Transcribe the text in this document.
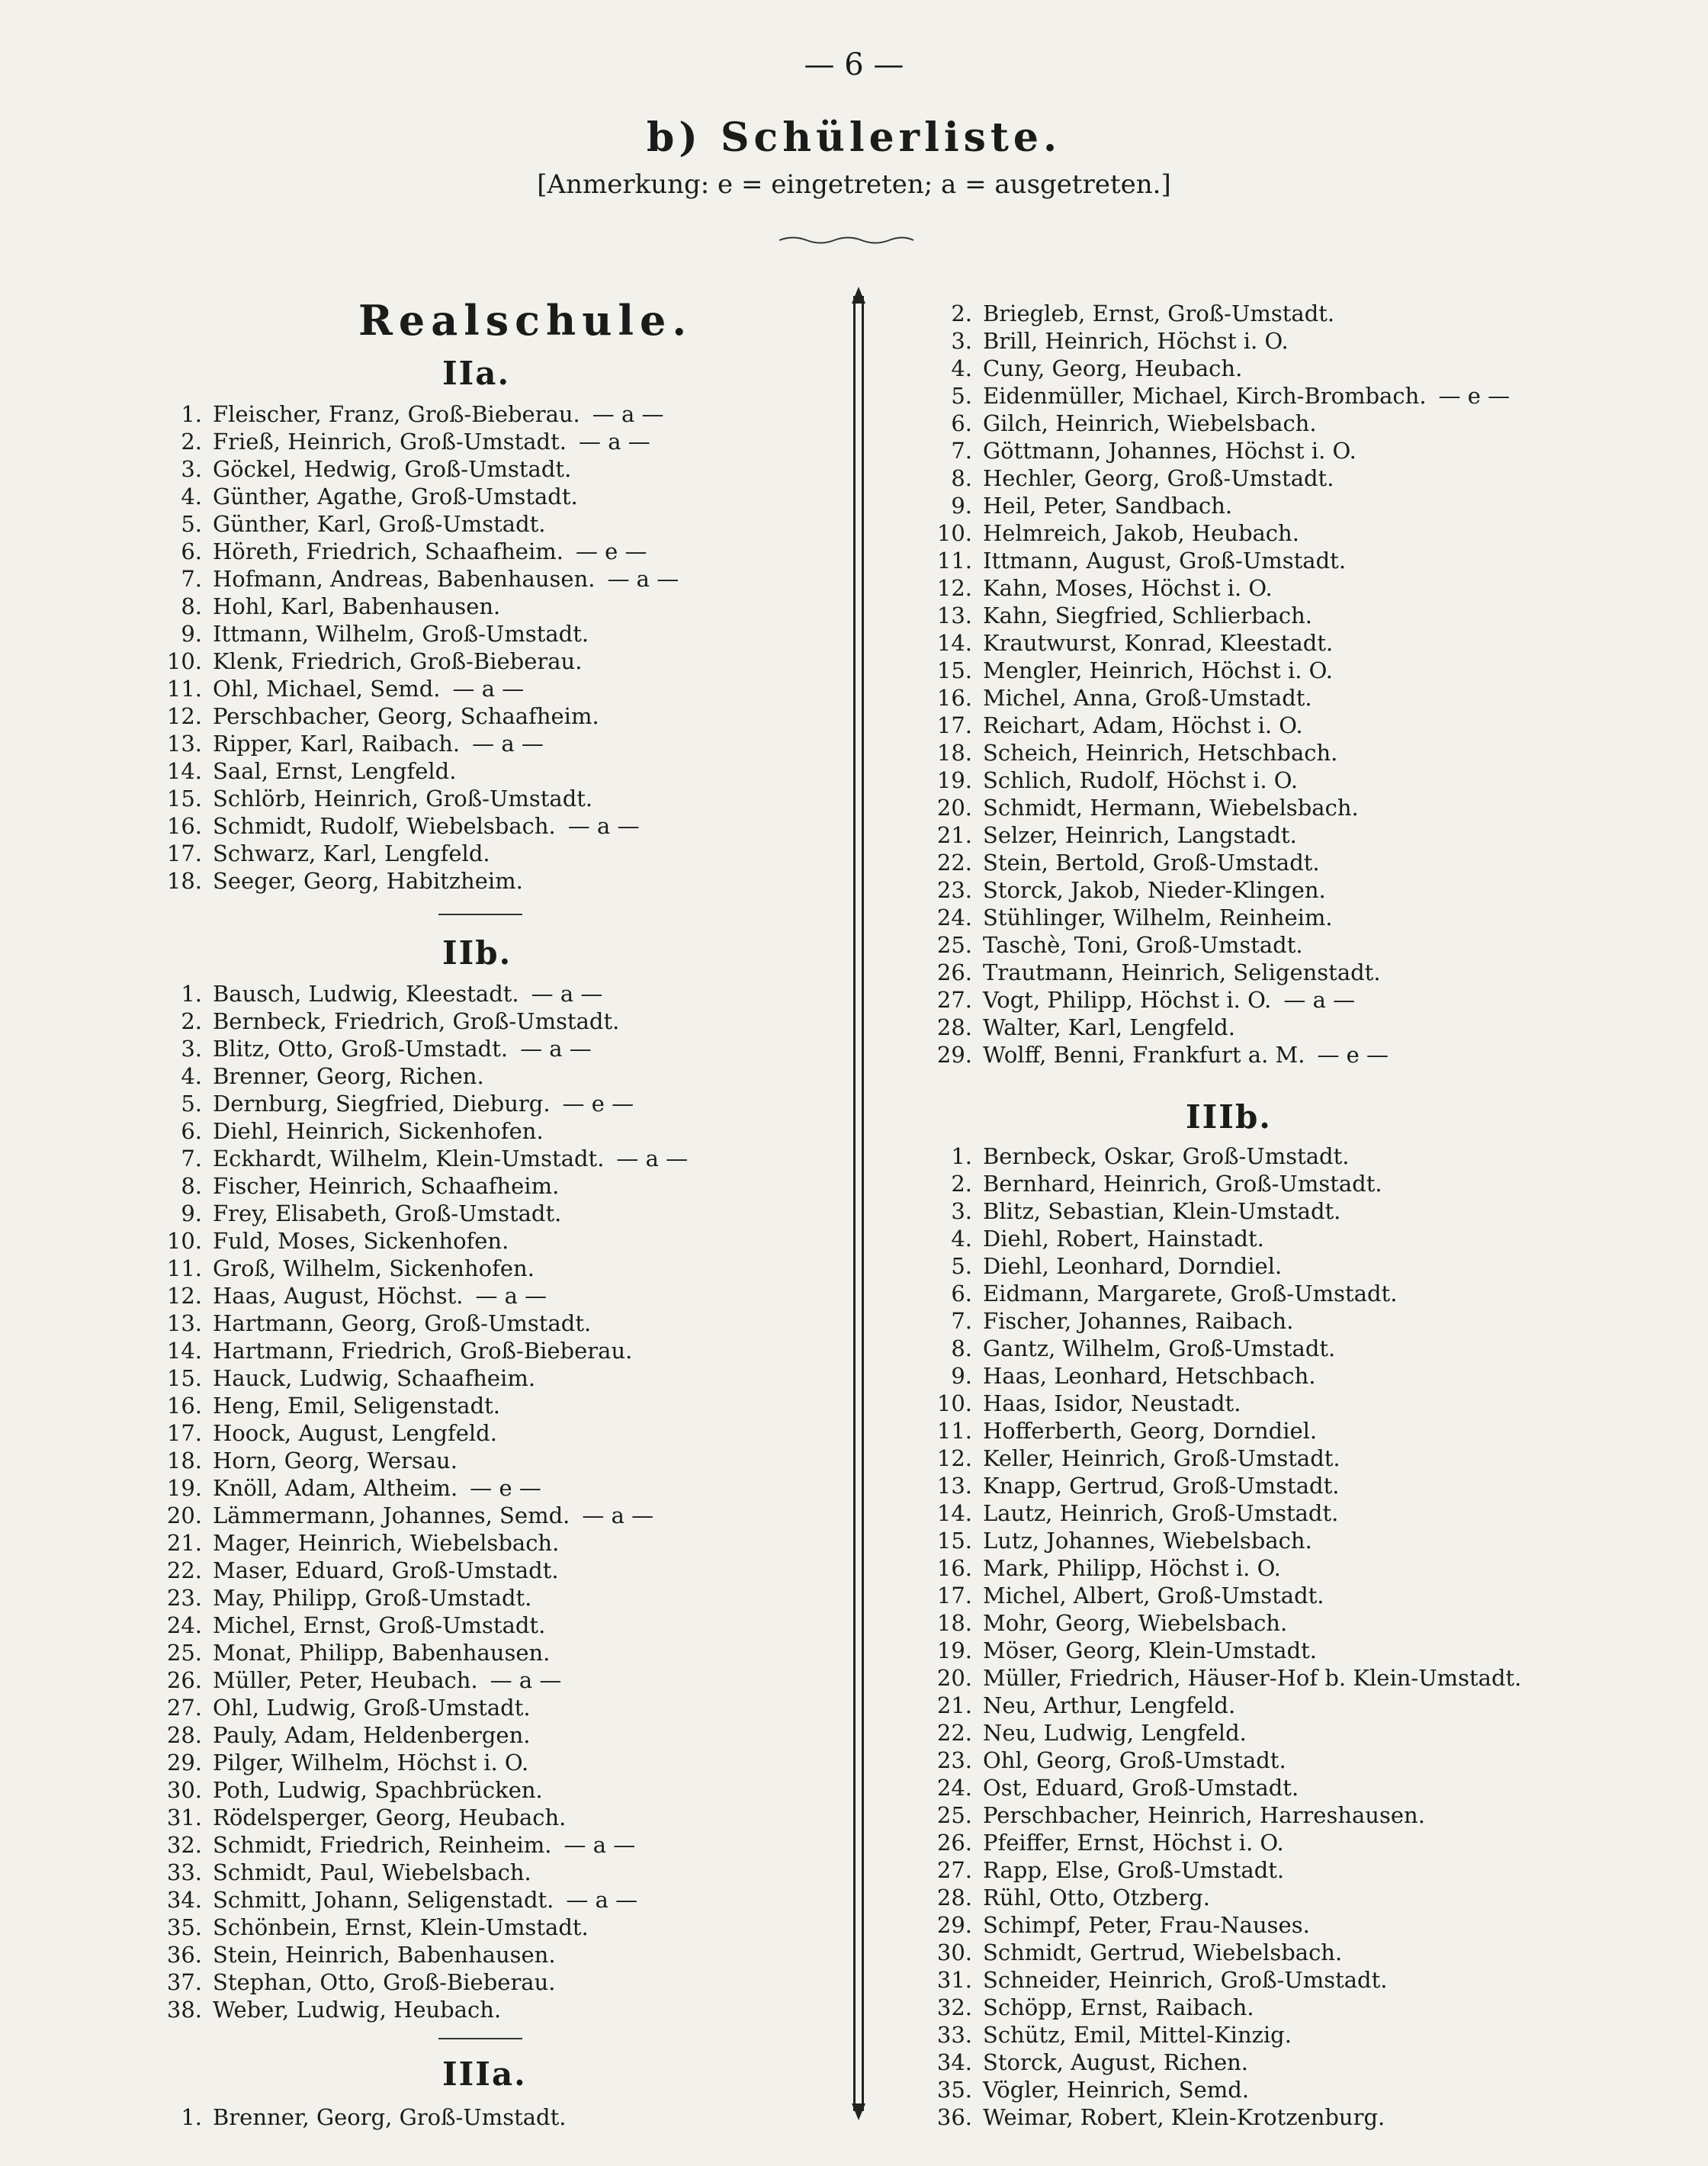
— 6 —
b) Schülerliste.
[Anmerkung: e = eingetreten; a = ausgetreten.]
Realschule.
IIa.
1. Fleischer, Franz, Groß-Bieberau. — a —
2. Frieß, Heinrich, Groß-Umstadt. — a —
3. Göckel, Hedwig, Groß-Umstadt.
4. Günther, Agathe, Groß-Umstadt.
5. Günther, Karl, Groß-Umstadt.
6. Höreth, Friedrich, Schaafheim. — e —
7. Hofmann, Andreas, Babenhausen. — a —
8. Hohl, Karl, Babenhausen.
9. Ittmann, Wilhelm, Groß-Umstadt.
10. Klenk, Friedrich, Groß-Bieberau.
11. Ohl, Michael, Semd. — a —
12. Perschbacher, Georg, Schaafheim.
13. Ripper, Karl, Raibach. — a —
14. Saal, Ernst, Lengfeld.
15. Schlörb, Heinrich, Groß-Umstadt.
16. Schmidt, Rudolf, Wiebelsbach. — a —
17. Schwarz, Karl, Lengfeld.
18. Seeger, Georg, Habitzheim.
IIb.
1. Bausch, Ludwig, Kleestadt. — a —
2. Bernbeck, Friedrich, Groß-Umstadt.
3. Blitz, Otto, Groß-Umstadt. — a —
4. Brenner, Georg, Richen.
5. Dernburg, Siegfried, Dieburg. — e —
6. Diehl, Heinrich, Sickenhofen.
7. Eckhardt, Wilhelm, Klein-Umstadt. — a —
8. Fischer, Heinrich, Schaafheim.
9. Frey, Elisabeth, Groß-Umstadt.
10. Fuld, Moses, Sickenhofen.
11. Groß, Wilhelm, Sickenhofen.
12. Haas, August, Höchst. — a —
13. Hartmann, Georg, Groß-Umstadt.
14. Hartmann, Friedrich, Groß-Bieberau.
15. Hauck, Ludwig, Schaafheim.
16. Heng, Emil, Seligenstadt.
17. Hoock, August, Lengfeld.
18. Horn, Georg, Wersau.
19. Knöll, Adam, Altheim. — e —
20. Lämmermann, Johannes, Semd. — a —
21. Mager, Heinrich, Wiebelsbach.
22. Maser, Eduard, Groß-Umstadt.
23. May, Philipp, Groß-Umstadt.
24. Michel, Ernst, Groß-Umstadt.
25. Monat, Philipp, Babenhausen.
26. Müller, Peter, Heubach. — a —
27. Ohl, Ludwig, Groß-Umstadt.
28. Pauly, Adam, Heldenbergen.
29. Pilger, Wilhelm, Höchst i. O.
30. Poth, Ludwig, Spachbrücken.
31. Rödelsperger, Georg, Heubach.
32. Schmidt, Friedrich, Reinheim. — a —
33. Schmidt, Paul, Wiebelsbach.
34. Schmitt, Johann, Seligenstadt. — a —
35. Schönbein, Ernst, Klein-Umstadt.
36. Stein, Heinrich, Babenhausen.
37. Stephan, Otto, Groß-Bieberau.
38. Weber, Ludwig, Heubach.
IIIa.
1. Brenner, Georg, Groß-Umstadt.
2. Briegleb, Ernst, Groß-Umstadt.
3. Brill, Heinrich, Höchst i. O.
4. Cuny, Georg, Heubach.
5. Eidenmüller, Michael, Kirch-Brombach. — e —
6. Gilch, Heinrich, Wiebelsbach.
7. Göttmann, Johannes, Höchst i. O.
8. Hechler, Georg, Groß-Umstadt.
9. Heil, Peter, Sandbach.
10. Helmreich, Jakob, Heubach.
11. Ittmann, August, Groß-Umstadt.
12. Kahn, Moses, Höchst i. O.
13. Kahn, Siegfried, Schlierbach.
14. Krautwurst, Konrad, Kleestadt.
15. Mengler, Heinrich, Höchst i. O.
16. Michel, Anna, Groß-Umstadt.
17. Reichart, Adam, Höchst i. O.
18. Scheich, Heinrich, Hetschbach.
19. Schlich, Rudolf, Höchst i. O.
20. Schmidt, Hermann, Wiebelsbach.
21. Selzer, Heinrich, Langstadt.
22. Stein, Bertold, Groß-Umstadt.
23. Storck, Jakob, Nieder-Klingen.
24. Stühlinger, Wilhelm, Reinheim.
25. Taschè, Toni, Groß-Umstadt.
26. Trautmann, Heinrich, Seligenstadt.
27. Vogt, Philipp, Höchst i. O. — a —
28. Walter, Karl, Lengfeld.
29. Wolff, Benni, Frankfurt a. M. — e —
IIIb.
1. Bernbeck, Oskar, Groß-Umstadt.
2. Bernhard, Heinrich, Groß-Umstadt.
3. Blitz, Sebastian, Klein-Umstadt.
4. Diehl, Robert, Hainstadt.
5. Diehl, Leonhard, Dorndiel.
6. Eidmann, Margarete, Groß-Umstadt.
7. Fischer, Johannes, Raibach.
8. Gantz, Wilhelm, Groß-Umstadt.
9. Haas, Leonhard, Hetschbach.
10. Haas, Isidor, Neustadt.
11. Hofferberth, Georg, Dorndiel.
12. Keller, Heinrich, Groß-Umstadt.
13. Knapp, Gertrud, Groß-Umstadt.
14. Lautz, Heinrich, Groß-Umstadt.
15. Lutz, Johannes, Wiebelsbach.
16. Mark, Philipp, Höchst i. O.
17. Michel, Albert, Groß-Umstadt.
18. Mohr, Georg, Wiebelsbach.
19. Möser, Georg, Klein-Umstadt.
20. Müller, Friedrich, Häuser-Hof b. Klein-Umstadt.
21. Neu, Arthur, Lengfeld.
22. Neu, Ludwig, Lengfeld.
23. Ohl, Georg, Groß-Umstadt.
24. Ost, Eduard, Groß-Umstadt.
25. Perschbacher, Heinrich, Harreshausen.
26. Pfeiffer, Ernst, Höchst i. O.
27. Rapp, Else, Groß-Umstadt.
28. Rühl, Otto, Otzberg.
29. Schimpf, Peter, Frau-Nauses.
30. Schmidt, Gertrud, Wiebelsbach.
31. Schneider, Heinrich, Groß-Umstadt.
32. Schöpp, Ernst, Raibach.
33. Schütz, Emil, Mittel-Kinzig.
34. Storck, August, Richen.
35. Vögler, Heinrich, Semd.
36. Weimar, Robert, Klein-Krotzenburg.
